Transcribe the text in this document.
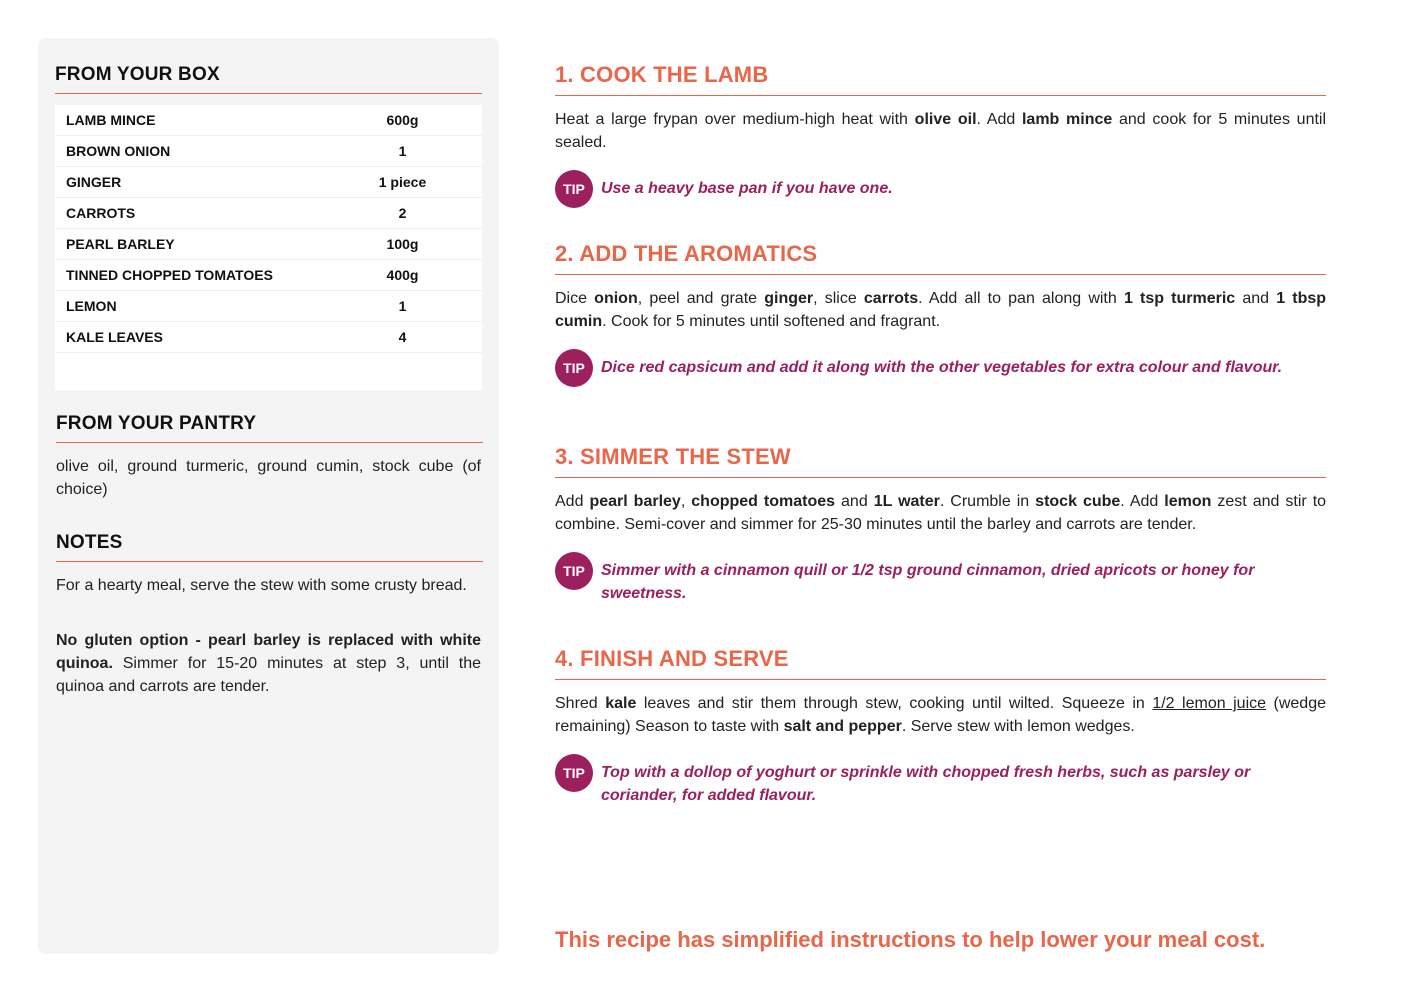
FROM YOUR BOX
LAMB MINCE	600g
BROWN ONION	1
GINGER	1 piece
CARROTS	2
PEARL BARLEY	100g
TINNED CHOPPED TOMATOES	400g
LEMON	1
KALE LEAVES	4
FROM YOUR PANTRY

olive oil, ground turmeric, ground cumin, stock cube (of choice)

NOTES

For a hearty meal, serve the stew with some crusty bread.

No gluten option - pearl barley is replaced with white quinoa. Simmer for 15-20 minutes at step 3, until the quinoa and carrots are tender.

1. COOK THE LAMB

Heat a large frypan over medium-high heat with olive oil. Add lamb mince and cook for 5 minutes until sealed.

TIP	Use a heavy base pan if you have one.

2. ADD THE AROMATICS

Dice onion, peel and grate ginger, slice carrots. Add all to pan along with 1 tsp turmeric and 1 tbsp cumin. Cook for 5 minutes until softened and fragrant.

TIP	Dice red capsicum and add it along with the other vegetables for extra colour and flavour.

3. SIMMER THE STEW

Add pearl barley, chopped tomatoes and 1L water. Crumble in stock cube. Add lemon zest and stir to combine. Semi-cover and simmer for 25-30 minutes until the barley and carrots are tender.

TIP	Simmer with a cinnamon quill or 1/2 tsp ground cinnamon, dried apricots or honey for sweetness.

4. FINISH AND SERVE

Shred kale leaves and stir them through stew, cooking until wilted. Squeeze in 1/2 lemon juice (wedge remaining) Season to taste with salt and pepper. Serve stew with lemon wedges.

TIP	Top with a dollop of yoghurt or sprinkle with chopped fresh herbs, such as parsley or coriander, for added flavour.

This recipe has simplified instructions to help lower your meal cost.
